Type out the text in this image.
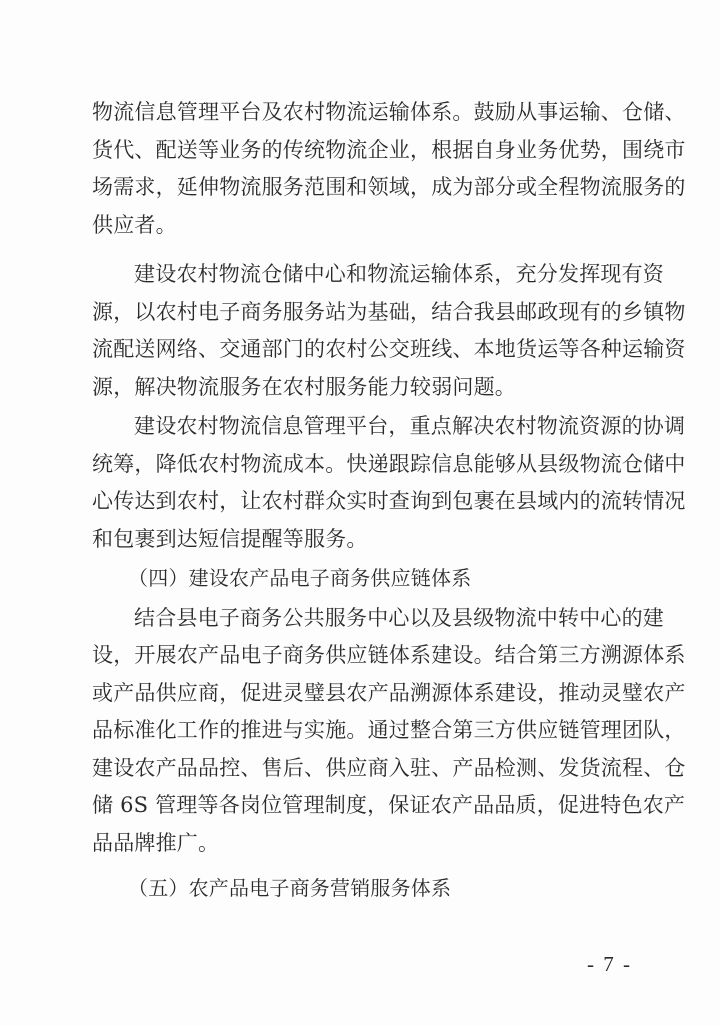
物流信息管理平台及农村物流运输体系。鼓励从事运输、仓储、
货代、配送等业务的传统物流企业，根据自身业务优势，围绕市
场需求，延伸物流服务范围和领域，成为部分或全程物流服务的
供应者。
建设农村物流仓储中心和物流运输体系，充分发挥现有资
源，以农村电子商务服务站为基础，结合我县邮政现有的乡镇物
流配送网络、交通部门的农村公交班线、本地货运等各种运输资
源，解决物流服务在农村服务能力较弱问题。
建设农村物流信息管理平台，重点解决农村物流资源的协调
统筹，降低农村物流成本。快递跟踪信息能够从县级物流仓储中
心传达到农村，让农村群众实时查询到包裹在县域内的流转情况
和包裹到达短信提醒等服务。
（四）建设农产品电子商务供应链体系
结合县电子商务公共服务中心以及县级物流中转中心的建
设，开展农产品电子商务供应链体系建设。结合第三方溯源体系
或产品供应商，促进灵璧县农产品溯源体系建设，推动灵璧农产
品标准化工作的推进与实施。通过整合第三方供应链管理团队，
建设农产品品控、售后、供应商入驻、产品检测、发货流程、仓
储 6S 管理等各岗位管理制度，保证农产品品质，促进特色农产
品品牌推广。
（五）农产品电子商务营销服务体系
- 7 -
